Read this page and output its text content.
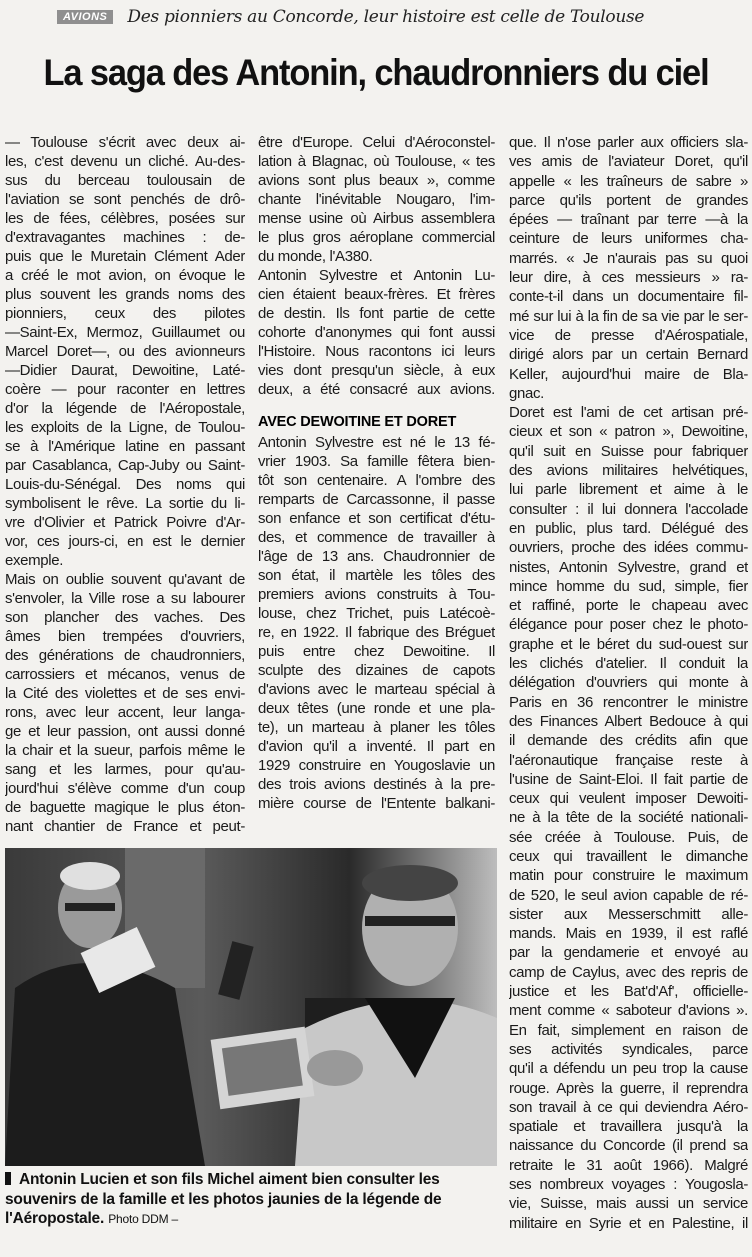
AVIONS	Des pionniers au Concorde, leur histoire est celle de Toulouse
La saga des Antonin, chaudronniers du ciel
— Toulouse s'écrit avec deux ai-
les, c'est devenu un cliché. Au-des-
sus du berceau toulousain de
l'aviation se sont penchés de drô-
les de fées, célèbres, posées sur
d'extravagantes machines : de-
puis que le Muretain Clément Ader
a créé le mot avion, on évoque le
plus souvent les grands noms des
pionniers, ceux des pilotes
—Saint-Ex, Mermoz, Guillaumet ou
Marcel Doret—, ou des avionneurs
—Didier Daurat, Dewoitine, Laté-
coère — pour raconter en lettres
d'or la légende de l'Aéropostale,
les exploits de la Ligne, de Toulou-
se à l'Amérique latine en passant
par Casablanca, Cap-Juby ou Saint-
Louis-du-Sénégal. Des noms qui
symbolisent le rêve. La sortie du li-
vre d'Olivier et Patrick Poivre d'Ar-
vor, ces jours-ci, en est le dernier
exemple.
Mais on oublie souvent qu'avant de
s'envoler, la Ville rose a su labourer
son plancher des vaches. Des
âmes bien trempées d'ouvriers,
des générations de chaudronniers,
carrossiers et mécanos, venus de
la Cité des violettes et de ses envi-
rons, avec leur accent, leur langa-
ge et leur passion, ont aussi donné
la chair et la sueur, parfois même le
sang et les larmes, pour qu'au-
jourd'hui s'élève comme d'un coup
de baguette magique le plus éton-
nant chantier de France et peut-
être d'Europe. Celui d'Aéroconstel-
lation à Blagnac, où Toulouse, « tes
avions sont plus beaux », comme
chante l'inévitable Nougaro, l'im-
mense usine où Airbus assemblera
le plus gros aéroplane commercial
du monde, l'A380.
Antonin Sylvestre et Antonin Lu-
cien étaient beaux-frères. Et frères
de destin. Ils font partie de cette
cohorte d'anonymes qui font aussi
l'Histoire. Nous racontons ici leurs
vies dont presqu'un siècle, à eux
deux, a été consacré aux avions.
AVEC DEWOITINE ET DORET
Antonin Sylvestre est né le 13 fé-
vrier 1903. Sa famille fêtera bien-
tôt son centenaire. A l'ombre des
remparts de Carcassonne, il passe
son enfance et son certificat d'étu-
des, et commence de travailler à
l'âge de 13 ans. Chaudronnier de
son état, il martèle les tôles des
premiers avions construits à Tou-
louse, chez Trichet, puis Latécoè-
re, en 1922. Il fabrique des Bréguet
puis entre chez Dewoitine. Il
sculpte des dizaines de capots
d'avions avec le marteau spécial à
deux têtes (une ronde et une pla-
te), un marteau à planer les tôles
d'avion qu'il a inventé. Il part en
1929 construire en Yougoslavie un
des trois avions destinés à la pre-
mière course de l'Entente balkani-
que. Il n'ose parler aux officiers sla-
ves amis de l'aviateur Doret, qu'il
appelle « les traîneurs de sabre »
parce qu'ils portent de grandes
épées — traînant par terre —à la
ceinture de leurs uniformes cha-
marrés. « Je n'aurais pas su quoi
leur dire, à ces messieurs » ra-
conte-t-il dans un documentaire fil-
mé sur lui à la fin de sa vie par le ser-
vice de presse d'Aérospatiale,
dirigé alors par un certain Bernard
Keller, aujourd'hui maire de Bla-
gnac.
Doret est l'ami de cet artisan pré-
cieux et son « patron », Dewoitine,
qu'il suit en Suisse pour fabriquer
des avions militaires helvétiques,
lui parle librement et aime à le
consulter : il lui donnera l'accolade
en public, plus tard. Délégué des
ouvriers, proche des idées commu-
nistes, Antonin Sylvestre, grand et
mince homme du sud, simple, fier
et raffiné, porte le chapeau avec
élégance pour poser chez le photo-
graphe et le béret du sud-ouest sur
les clichés d'atelier. Il conduit la
délégation d'ouvriers qui monte à
Paris en 36 rencontrer le ministre
des Finances Albert Bedouce à qui
il demande des crédits afin que
l'aéronautique française reste à
l'usine de Saint-Eloi. Il fait partie de
ceux qui veulent imposer Dewoiti-
ne à la tête de la société nationali-
sée créée à Toulouse. Puis, de
ceux qui travaillent le dimanche
matin pour construire le maximum
de 520, le seul avion capable de ré-
sister aux Messerschmitt alle-
mands. Mais en 1939, il est raflé
par la gendamerie et envoyé au
camp de Caylus, avec des repris de
justice et les Bat'd'Af', officielle-
ment comme « saboteur d'avions ».
En fait, simplement en raison de
ses activités syndicales, parce
qu'il a défendu un peu trop la cause
rouge. Après la guerre, il reprendra
son travail à ce qui deviendra Aéro-
spatiale et travaillera jusqu'à la
naissance du Concorde (il prend sa
retraite le 31 août 1966). Malgré
ses nombreux voyages : Yougosla-
vie, Suisse, mais aussi un service
militaire en Syrie et en Palestine, il
Antonin Lucien et son fils Michel aiment bien consulter les souvenirs de la famille et les photos jaunies de la légende de l'Aéropostale. Photo DDM –
